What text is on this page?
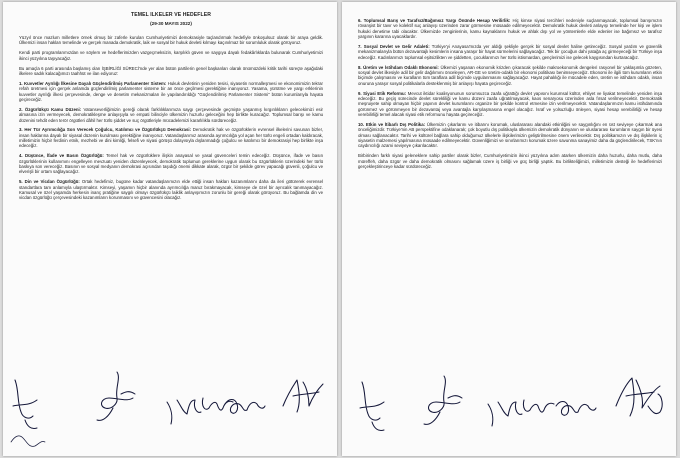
TEMEL İLKELER VE HEDEFLER
(29-30 MAYIS 2022)

Yüzyıl önce mazlum milletlere örnek olmuş bir zaferle kurulan Cumhuriyetimizi demokrasiyle taçlandırmak hedefiyle önkoşulsuz olarak bir araya geldik. Ülkemizi insan hakları temelinde ve gerçek manada demokratik, laik ve sosyal bir hukuk devleti kılmayı kaçınılmaz bir sorumluluk olarak görüyoruz.

Kendi parti programlarımızdan ve söylem ve hedeflerimizden vazgeçmeksizin, karşılıklı güven ve saygıya dayalı fedakârlıklarda bulunarak Cumhuriyetimizi ikinci yüzyılına taşıyacağız.

Bu amaçla 6 parti arasında başlamış olan İŞBİRLİĞİ SÜRECİ'nde yer alan bütün partilerin genel başkanları olarak önümüzdeki kritik tarihi süreçte aşağıdaki ilkelere sadık kalacağımızı taahhüt ve ilan ediyoruz:

1. Kuvvetler Ayrılığı İlkesine Dayalı Güçlendirilmiş Parlamenter Sistem: Hukuk devletinin yeniden tesisi, siyasetin normalleşmesi ve ekonomimizin tekrar refah üretmesi için gerçek anlamda güçlendirilmiş parlamenter sisteme bir an önce geçilmesi gerektiğine inanıyoruz. Yasama, yürütme ve yargı erklerinin kuvvetler ayrılığı ilkesi çerçevesinde, denge ve denetim mekanizmaları ile yapılandırıldığı "Güçlendirilmiş Parlamenter Sistemi" bütün kurumlarıyla hayata geçireceğiz.

2. Özgürlükçü Kamu Düzeni: Vatanseverliğimizin gereği olarak farklılıklarımıza saygı çerçevesinde geçmişte yaşanmış kırgınlıkların gelecekimizi esir almasına izin vermeyecek, demokratikleşme anlayışıyla ve empati bilinciyle ülkemizin huzurlu geleceğini hep birlikte kuracağız. Toplumsal barışı ve kamu düzenini tehdit eden terör örgütleri dâhil her türlü şiddet ve suç örgütleriyle mücadelemizi kararlılıkla sürdüreceğiz.

3. Her Tür Ayrımcılığa Son Verecek Çoğulcu, Katılımcı ve Özgürlükçü Demokrasi: Demokratik hak ve özgürlüklerin evrensel ilkelerini savunan bizler, insan haklarına dayalı bir siyasal düzenin kurulması gerektiğine inanıyoruz. Vatandaşlarımız arasında ayrımcılığa yol açan her türlü engeli ortadan kaldıracak, milletimizin hiçbir ferdinin etnik, mezhebi ve dini kimliği, felsefi ve siyasi görüşü dolayısıyla dışlanmadığı çoğulcu ve katılımcı bir demokrasiyi hep birlikte inşa edeceğiz.

4. Düşünce, İfade ve Basın Özgürlüğü: Temel hak ve özgürlüklere ilişkin anayasal ve yasal güvenceleri temin edeceğiz. Düşünce, ifade ve basın özgürlüklerinin kullanımını engelleyen mevzuatı yeniden düzenleyecek, demokratik toplumun gereklerine uygun olarak bu özgürlüklerin üzerindeki her türlü baskıya son vereceğiz. Basının ve sosyal medyanın demokrasi açısından taşıdığı önemi dikkate alarak, özgür bir şekilde görev yapacağı güvenli, çoğulcu ve elverişli bir ortam sağlayacağız.

5. Din ve Vicdan Özgürlüğü: Ortak hedefimiz, bugüne kadar vatandaşlarımızın elde ettiği insan hakları kazanımlarını daha da ileri götürerek evrensel standartlara tam anlamıyla ulaştırmaktır. Kimseyi, yaşamın hiçbir alanında ayrımcılığa maruz bırakmayacak, kimseye de özel bir ayrıcalık tanımayacağız. Kamusal ve özel yaşamda herkesin inanç pratiğine saygılı olmayı özgürlükçü laiklik anlayışımızın zorunlu bir gereği olarak görüyoruz. Bu bağlamda din ve vicdan özgürlüğü çerçevesindeki kazanımların korunmasını ve güvencesini olacağız.

6. Toplumsal Barış ve Tarafsız/Bağımsız Yargı Önünde Hesap Verilirlik: Hiç kimse siyasi tercihleri nedeniyle suçlanmayacak, toplumsal barışımızın rövanşist bir tavır ve kolektif suç anlayışı üzerinden zarar görmesine müsaade edilmeyecektir. Demokratik hukuk devleti anlayışı temelinde her kişi ve işlem hukuki denetime tabi olacaktır. Ülkemizde zenginlerinin, kamu kaynaklarını hukuk ve ahlak dışı yol ve yöntemlerle elde edenler ise bağımsız ve tarafsız yargının kararına uyacaklardır.

7. Sosyal Devlet ve Gelir Adaleti: Türkiye'yi Anayasa'mızda yer aldığı şekliyle gerçek bir sosyal devlet haline getireceğiz. Sosyal yardım ve güvenlik mekanizmalarıyla bütün dezavantajlı kesimlerin insana yaraşır bir hayat sürmelerini sağlayacağız. Tek bir çocuğun dahi yatağa aç girmeyeceği bir Türkiye inşa edeceğiz. Kadınlarımızı toplumsal eşitsizlikten ve şiddetten, çocuklarımızı her türlü istismardan, gençlerimizi ise gelecek kaygısından kurtaracağız.

8. Üretim ve İstihdam Odaklı Ekonomi: Ülkemizi yaşanan ekonomik krizden çıkaracak şekilde makroekonomik dengeleri rasyonel bir yaklaşımla gözeten, sosyal devlet ilkesiyle adil bir gelir dağılımını önceleyen, AR-GE ve üretim-odaklı bir ekonomi politikası benimseyeceğiz. Ekonomi ile ilgili tüm kurumların etkin biçimde çalışmasını ve kuralların tüm taraflara adil biçimde uygulanmasını sağlayacağız. Hayat pahalılığı ile mücadele eden, üretim ve istihdam odaklı, insan onuruna yaraşır sosyal politikalarla desteklenmiş bir anlayışı hayata geçireceğiz.

9. Siyasi Etik Reformu: Mevcut iktidar koalisyonunun sorumsuzca zaafa uğrattığı devlet yapısını kurumsal kültür, ehliyet ve liyakat temelinde yeniden inşa edeceğiz. Bu geçiş sürecinde devlet sürekliliği ve kamu düzeni zaafa uğratılmayacak, kaos senaryosu üzerinden asla fırsat verilmeyecektir. Demokratik meşruiyete sahip olmayan hiçbir yapının devlet kurumlarını organize bir şekilde kontrol etmesine izin verilmeyecektir. Vatandaşlarımızın kamu istihdamında görünmez ve görünmeyen bir dezavantaj veya avantajla karşılaşmasına engel olacağız. İsraf ve yolsuzluğu önleyen, siyasi hesap verebilirliği ve hesap verebilirliği temel alacak siyasi etik reformunu hayata geçireceğiz.

10. Etkin ve İtibarlı Dış Politika: Ülkemizin çıkarlarını ve itibarını korumak, uluslararası alandaki etkinliğini ve saygınlığını en üst seviyeye çıkarmak ana önceliğimizdir. Türkiye'nin AB perspektifine odaklanarak; çok boyutlu dış politikayla ülkemizin demokratik dünyanın ve uluslararası kurumların saygın bir üyesi olması sağlanacaktır. Tarihi ve kültürel bağlara sahip olduğumuz ülkelerle ilişkilerimizin geliştirilmesine önem verilecektir. Dış politikamızın ve dış ilişkilerin iç siyasetin malzemesi yapılmasına müsaade edilmeyecektir. Güvenliğimizi ve sınırlarımızı korumak üzere savunma sanayimiz daha da güçlendirilecek, TSK'nın caydırıcılığı azami seviyeye çıkarılacaktır.

Birbirinden farklı siyasi geleneklere sahip partiler olarak bizler, Cumhuriyetimizin ikinci yüzyılına adım atarken ülkemizin daha huzurlu, daha mutlu, daha müreffeh, daha özgür ve daha demokratik olmasını sağlamak üzere iş birliği ve güç birliği yaptık. Bu birlikteliğimizi, milletimizin desteği ile hedeflerimizi gerçekleştirinceye kadar sürdüreceğiz.
